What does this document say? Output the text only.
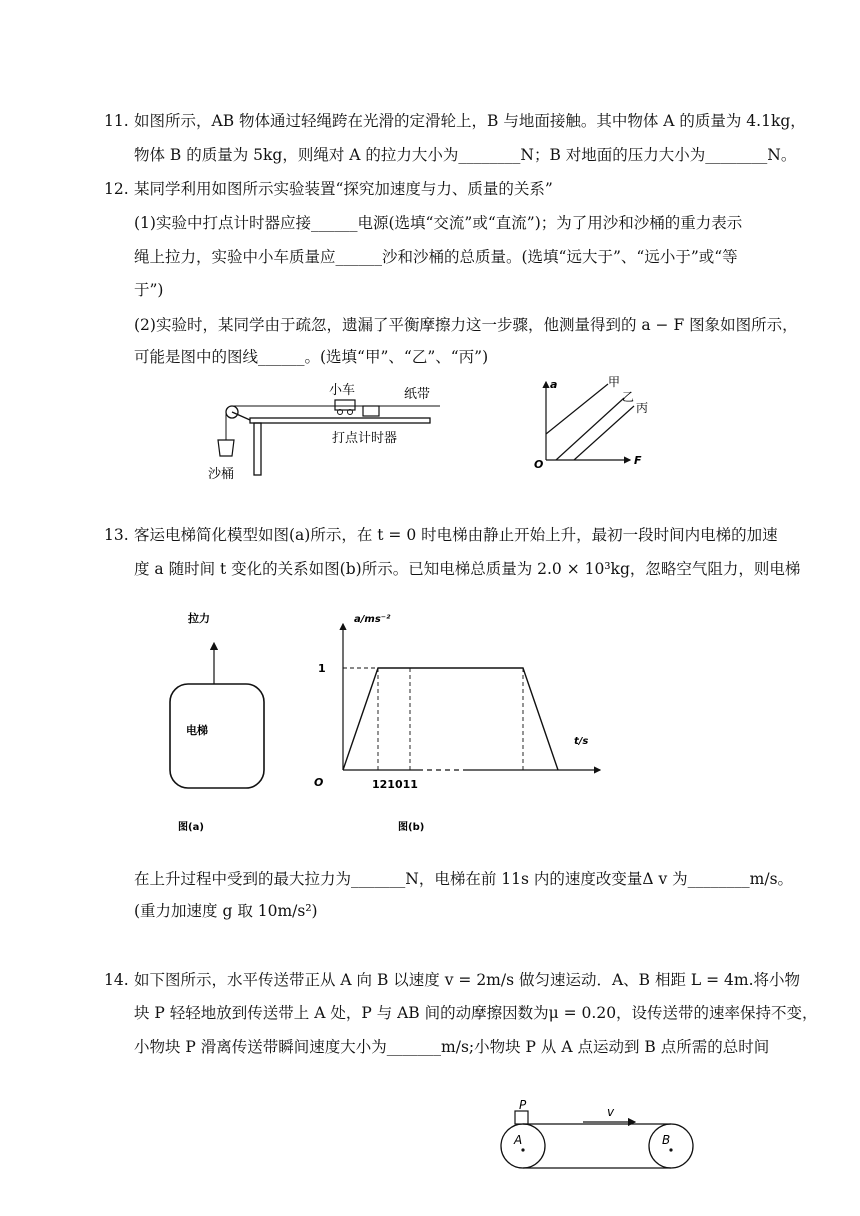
11. 如图所示，AB 物体通过轻绳跨在光滑的定滑轮上，B 与地面接触。其中物体 A 的质量为 4.1kg，
物体 B 的质量为 5kg，则绳对 A 的拉力大小为________N；B 对地面的压力大小为________N。
12. 某同学利用如图所示实验装置“探究加速度与力、质量的关系”
(1)实验中打点计时器应接______电源(选填“交流”或“直流”)；为了用沙和沙桶的重力表示
绳上拉力，实验中小车质量应______沙和沙桶的总质量。(选填“远大于”、“远小于”或“等
于”)
(2)实验时，某同学由于疏忽，遗漏了平衡摩擦力这一步骤，他测量得到的 a − F 图象如图所示，
可能是图中的图线______。(选填“甲”、“乙”、“丙”)
小车	纸带
打点计时器
沙桶
a
F
O
甲
乙
丙
13. 客运电梯简化模型如图(a)所示，在 t = 0 时电梯由静止开始上升，最初一段时间内电梯的加速
度 a 随时间 t 变化的关系如图(b)所示。已知电梯总质量为 2.0 × 10³kg，忽略空气阻力，则电梯
拉力
电梯
图(a)
a/ms⁻²
t/s
1
O	121011
图(b)
在上升过程中受到的最大拉力为_______N，电梯在前 11s 内的速度改变量Δ v 为________m/s。
(重力加速度 g 取 10m/s²)
14. 如下图所示，水平传送带正从 A 向 B 以速度 v = 2m/s 做匀速运动．A、B 相距 L = 4m.将小物
块 P 轻轻地放到传送带上 A 处，P 与 AB 间的动摩擦因数为μ = 0.20，设传送带的速率保持不变，
小物块 P 滑离传送带瞬间速度大小为_______m/s;小物块 P 从 A 点运动到 B 点所需的总时间
P	v
A	B
